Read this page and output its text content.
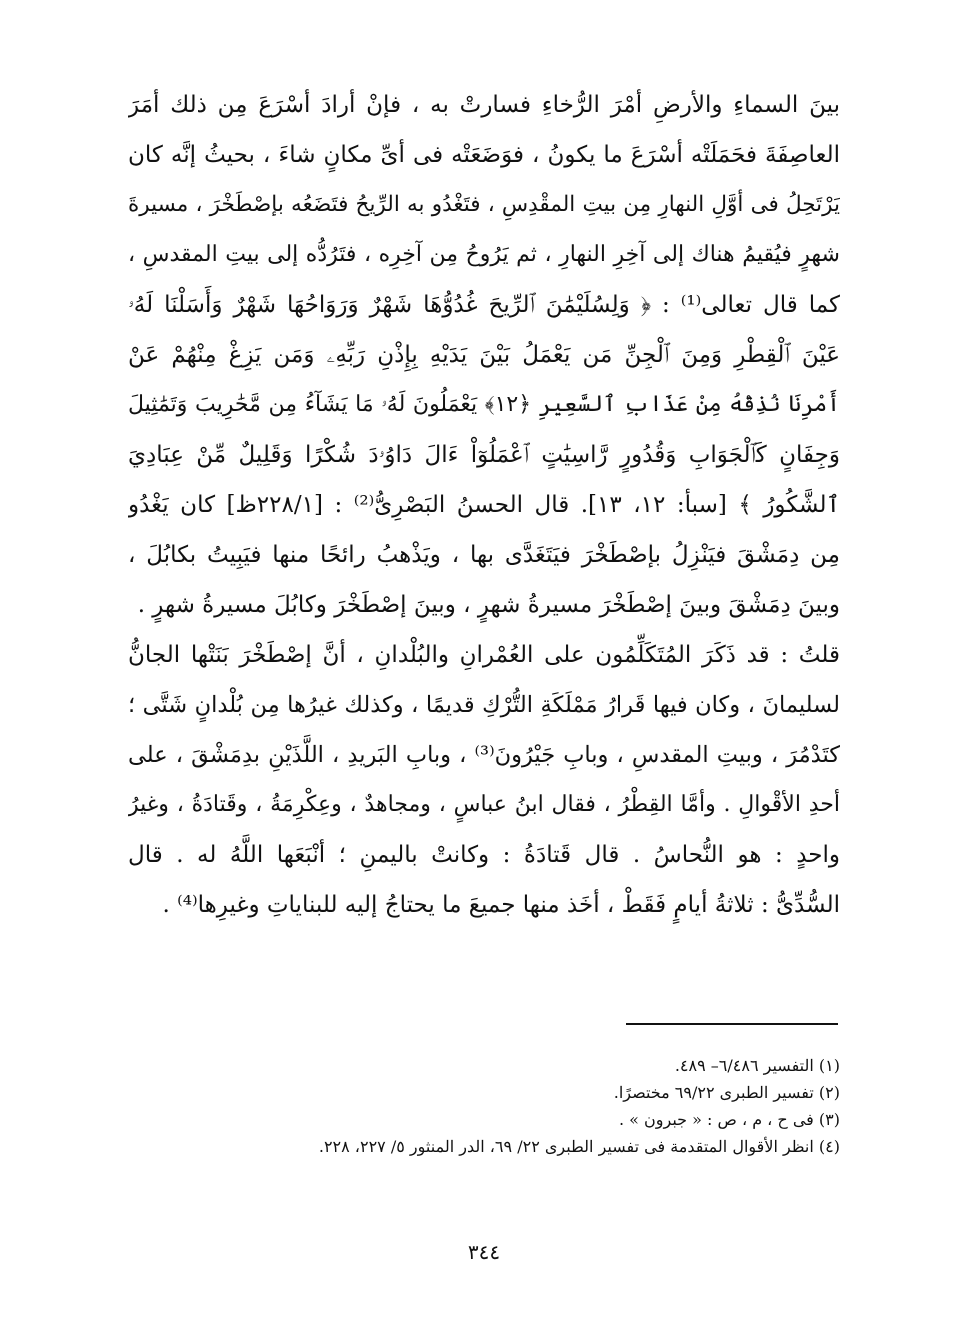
بينَ السماءِ والأرضِ أمْرَ الرُّخاءِ فسارتْ به ، فإنْ أرادَ أسْرَعَ مِن ذلك أمَرَ
العاصِفَةَ فحَمَلَتْه أسْرَعَ ما يكونُ ، فوَضَعَتْه فى أىِّ مكانٍ شاءَ ، بحيثُ إنَّه كان
يَرْتَحِلُ فى أوَّلِ النهارِ مِن بيتِ المقْدِسِ ، فتَغْدُو به الرِّيحُ فتَضَعُه بإصْطَخْرَ ، مسيرةَ
شهرٍ فيُقيمُ هناك إلى آخِرِ النهارِ ، ثم يَرُوحُ مِن آخِرِه ، فتَرُدُّه إلى بيتِ المقدسِ ،
كما قال تعالى⁽¹⁾ : ﴿ وَلِسُلَيْمَٰنَ ٱلرِّيحَ غُدُوُّهَا شَهْرٌ وَرَوَاحُهَا شَهْرٌ وَأَسَلْنَا لَهُۥ
عَيْنَ ٱلْقِطْرِ وَمِنَ ٱلْجِنِّ مَن يَعْمَلُ بَيْنَ يَدَيْهِ بِإِذْنِ رَبِّهِۦ وَمَن يَزِغْ مِنْهُمْ عَنْ
أَمْرِنَا نُذِقْهُ مِنْ عَذَابِ ٱلسَّعِيرِ ﴿١٢﴾ يَعْمَلُونَ لَهُۥ مَا يَشَآءُ مِن مَّحَٰرِيبَ وَتَمَٰثِيلَ
وَجِفَانٍ كَٱلْجَوَابِ وَقُدُورٍ رَّاسِيَٰتٍ ٱعْمَلُوٓاْ ءَالَ دَاوُۥدَ شُكْرًا وَقَلِيلٌ مِّنْ عِبَادِيَ
ٱلشَّكُورُ ﴾ [سبأ: ١٢، ١٣]. قال الحسنُ البَصْرِىُّ⁽²⁾ : [٢٢٨/١ظ] كان يَغْدُو
مِن دِمَشْقَ فيَنْزِلُ بإصْطَخْرَ فيَتَغَدَّى بها ، ويَذْهبُ رائحًا منها فيَبِيتُ بكابُلَ ،
وبينَ دِمَشْقَ وبينَ إصْطَخْرَ مسيرةُ شهرٍ ، وبينَ إصْطَخْرَ وكابُلَ مسيرةُ شهرٍ .
قلتُ : قد ذَكَرَ المُتَكَلِّمُون على العُمْرانِ والبُلْدانِ ، أنَّ إصْطَخْرَ بَنَتْها الجانُّ
لسليمانَ ، وكان فيها قَرارُ مَمْلَكَةِ التُّرْكِ قديمًا ، وكذلك غيرُها مِن بُلْدانٍ شَتَّى ؛
كتَدْمُرَ ، وبيتِ المقدسِ ، وبابِ جَيْرُونَ⁽³⁾ ، وبابِ البَريدِ ، اللَّذَيْنِ بدِمَشْقَ ، على
أحدِ الأقْوالِ . وأمَّا القِطْرُ ، فقال ابنُ عباسٍ ، ومجاهدٌ ، وعِكْرِمَةُ ، وقَتادَةُ ، وغيرُ
واحدٍ : هو النُّحاسُ . قال قَتادَةُ : وكانتْ باليمنِ ؛ أنْبَعَها اللَّهُ له . قال
السُّدِّىُّ : ثلاثةُ أيامٍ فَقَطْ ، أخَذ منها جميعَ ما يحتاجُ إليه للبناياتِ وغيرِها⁽⁴⁾ .
(١) التفسير ٦/٤٨٦– ٤٨٩.
(٢) تفسير الطبرى ٦٩/٢٢ مختصرًا.
(٣) فى ح ، م ، ص : « جبرون » .
(٤) انظر الأقوال المتقدمة فى تفسير الطبرى ٢٢/ ٦٩، الدر المنثور ٥/ ٢٢٧، ٢٢٨.
٣٤٤
